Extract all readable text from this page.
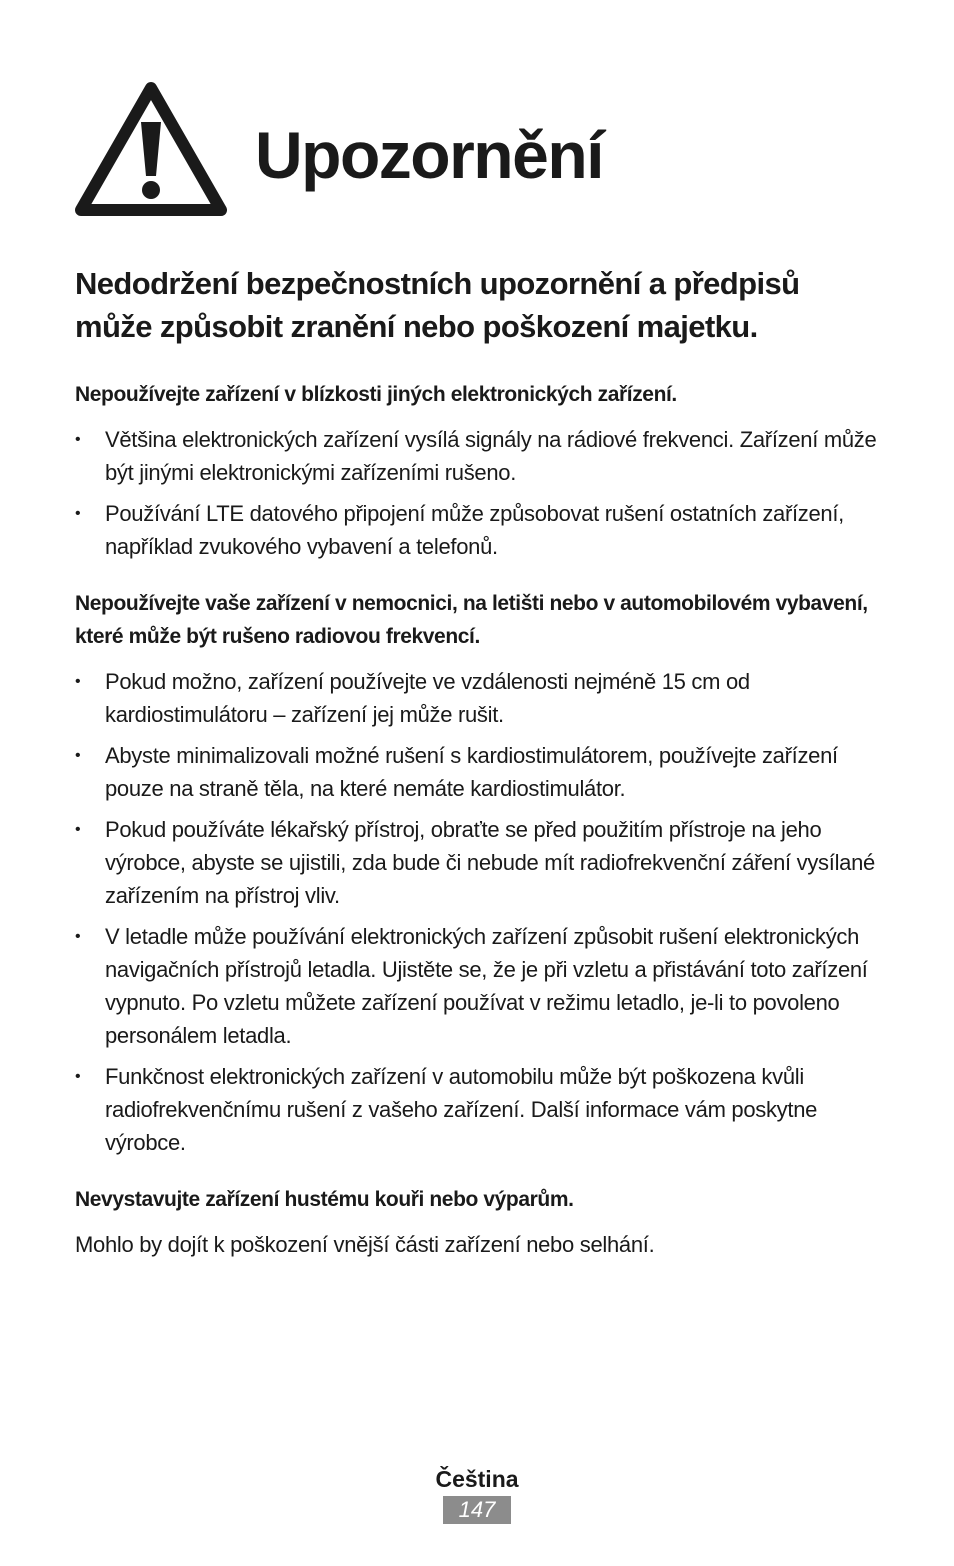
Upozornění

Nedodržení bezpečnostních upozornění a předpisů může způsobit zranění nebo poškození majetku.

Nepoužívejte zařízení v blízkosti jiných elektronických zařízení.
• Většina elektronických zařízení vysílá signály na rádiové frekvenci. Zařízení může být jinými elektronickými zařízeními rušeno.
• Používání LTE datového připojení může způsobovat rušení ostatních zařízení, například zvukového vybavení a telefonů.
Nepoužívejte vaše zařízení v nemocnici, na letišti nebo v automobilovém vybavení, které může být rušeno radiovou frekvencí.
• Pokud možno, zařízení používejte ve vzdálenosti nejméně 15 cm od kardiostimulátoru – zařízení jej může rušit.
• Abyste minimalizovali možné rušení s kardiostimulátorem, používejte zařízení pouze na straně těla, na které nemáte kardiostimulátor.
• Pokud používáte lékařský přístroj, obraťte se před použitím přístroje na jeho výrobce, abyste se ujistili, zda bude či nebude mít radiofrekvenční záření vysílané zařízením na přístroj vliv.
• V letadle může používání elektronických zařízení způsobit rušení elektronických navigačních přístrojů letadla. Ujistěte se, že je při vzletu a přistávání toto zařízení vypnuto. Po vzletu můžete zařízení používat v režimu letadlo, je-li to povoleno personálem letadla.
• Funkčnost elektronických zařízení v automobilu může být poškozena kvůli radiofrekvenčnímu rušení z vašeho zařízení. Další informace vám poskytne výrobce.
Nevystavujte zařízení hustému kouři nebo výparům.

Mohlo by dojít k poškození vnější části zařízení nebo selhání.

Čeština
147
